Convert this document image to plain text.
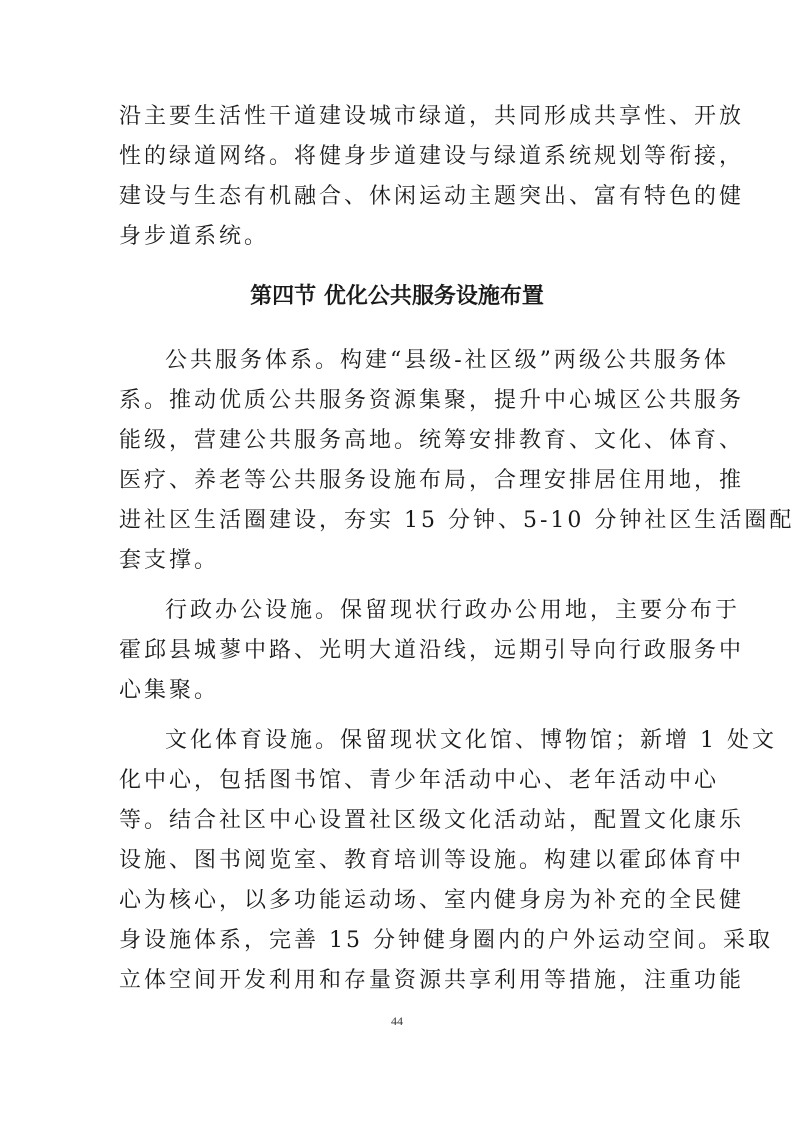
沿主要生活性干道建设城市绿道，共同形成共享性、开放
性的绿道网络。将健身步道建设与绿道系统规划等衔接，
建设与生态有机融合、休闲运动主题突出、富有特色的健
身步道系统。
第四节 优化公共服务设施布置
公共服务体系。构建“县级-社区级”两级公共服务体
系。推动优质公共服务资源集聚，提升中心城区公共服务
能级，营建公共服务高地。统筹安排教育、文化、体育、
医疗、养老等公共服务设施布局，合理安排居住用地，推
进社区生活圈建设，夯实 15 分钟、5-10 分钟社区生活圈配
套支撑。
行政办公设施。保留现状行政办公用地，主要分布于
霍邱县城蓼中路、光明大道沿线，远期引导向行政服务中
心集聚。
文化体育设施。保留现状文化馆、博物馆；新增 1 处文
化中心，包括图书馆、青少年活动中心、老年活动中心
等。结合社区中心设置社区级文化活动站，配置文化康乐
设施、图书阅览室、教育培训等设施。构建以霍邱体育中
心为核心，以多功能运动场、室内健身房为补充的全民健
身设施体系，完善 15 分钟健身圈内的户外运动空间。采取
立体空间开发利用和存量资源共享利用等措施，注重功能
44
